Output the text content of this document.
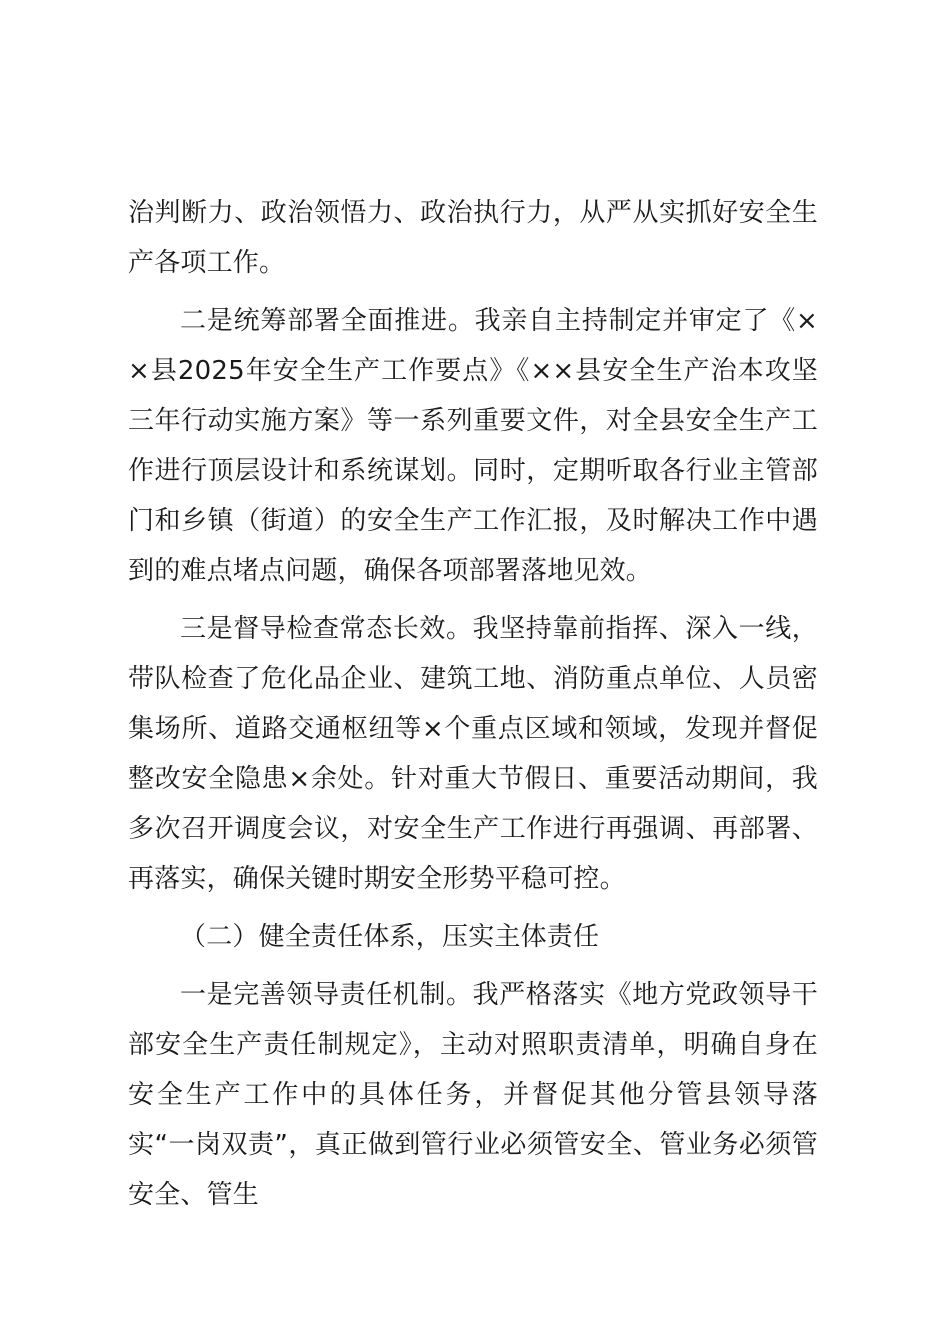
治判断力、政治领悟力、政治执行力，从严从实抓好安全生产各项工作。

二是统筹部署全面推进。我亲自主持制定并审定了《××县2025年安全生产工作要点》《××县安全生产治本攻坚三年行动实施方案》等一系列重要文件，对全县安全生产工作进行顶层设计和系统谋划。同时，定期听取各行业主管部门和乡镇（街道）的安全生产工作汇报，及时解决工作中遇到的难点堵点问题，确保各项部署落地见效。

三是督导检查常态长效。我坚持靠前指挥、深入一线，带队检查了危化品企业、建筑工地、消防重点单位、人员密集场所、道路交通枢纽等×个重点区域和领域，发现并督促整改安全隐患×余处。针对重大节假日、重要活动期间，我多次召开调度会议，对安全生产工作进行再强调、再部署、再落实，确保关键时期安全形势平稳可控。

（二）健全责任体系，压实主体责任

一是完善领导责任机制。我严格落实《地方党政领导干部安全生产责任制规定》，主动对照职责清单，明确自身在安全生产工作中的具体任务，并督促其他分管县领导落实“一岗双责”，真正做到管行业必须管安全、管业务必须管安全、管生
